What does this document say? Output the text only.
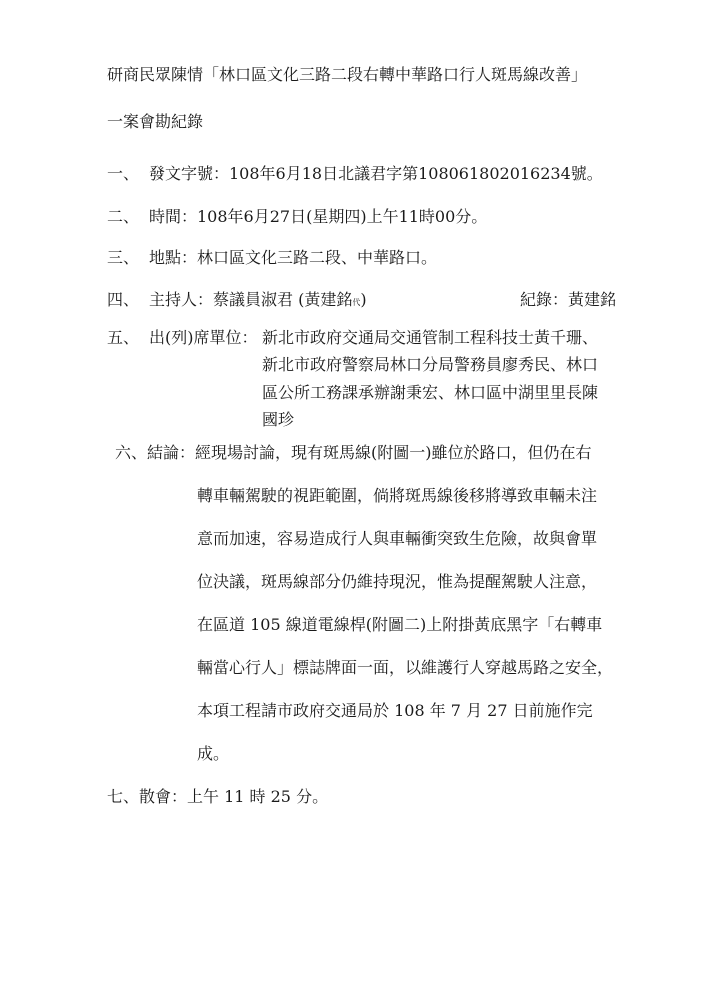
研商民眾陳情「林口區文化三路二段右轉中華路口行人斑馬線改善」
一案會勘紀錄
一、 發文字號：108年6月18日北議君字第108061802016234號。
二、 時間：108年6月27日(星期四)上午11時00分。
三、 地點：林口區文化三路二段、中華路口。
四、 主持人：蔡議員淑君 (黃建銘代)	紀錄：黃建銘
五、 出(列)席單位： 新北市政府交通局交通管制工程科技士黃千珊、
新北市政府警察局林口分局警務員廖秀民、林口
區公所工務課承辦謝秉宏、林口區中湖里里長陳
國珍
六、結論：經現場討論，現有斑馬線(附圖一)雖位於路口，但仍在右
轉車輛駕駛的視距範圍，倘將斑馬線後移將導致車輛未注
意而加速，容易造成行人與車輛衝突致生危險，故與會單
位決議，斑馬線部分仍維持現況，惟為提醒駕駛人注意，
在區道 105 線道電線桿(附圖二)上附掛黃底黑字「右轉車
輛當心行人」標誌牌面一面，以維護行人穿越馬路之安全，
本項工程請市政府交通局於 108 年 7 月 27 日前施作完
成。
七、散會：上午 11 時 25 分。
